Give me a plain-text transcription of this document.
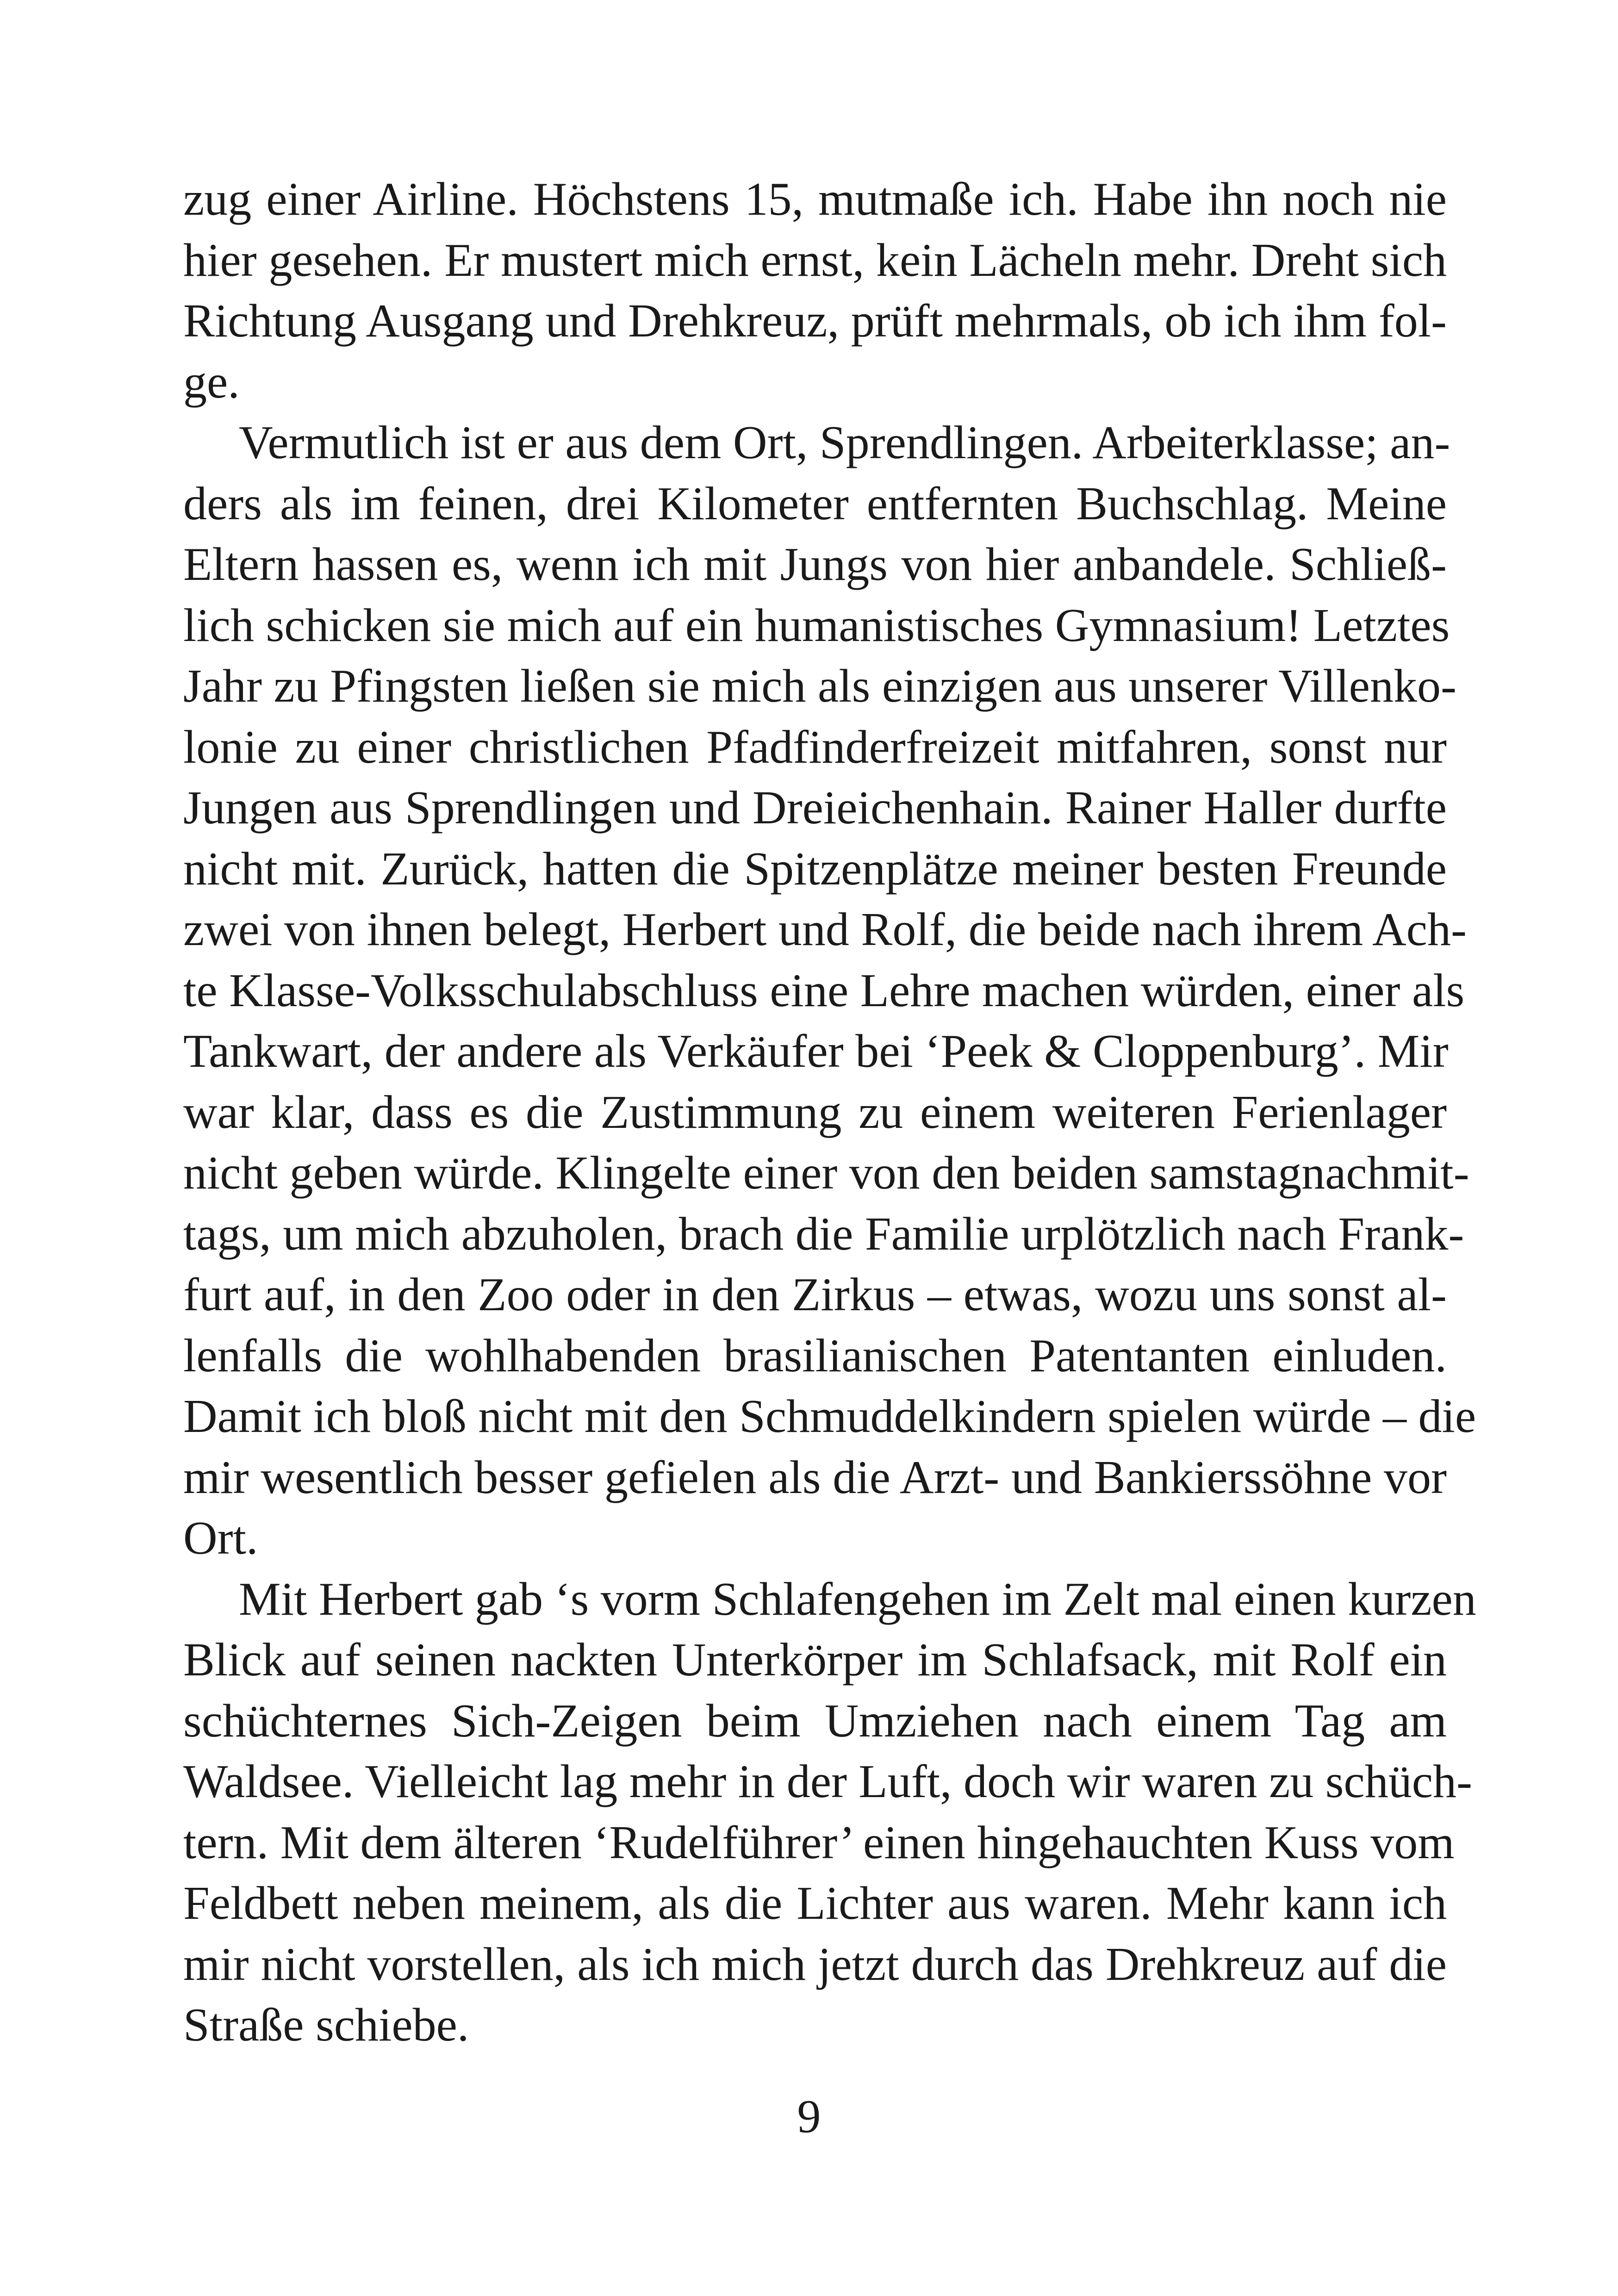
zug einer Airline. Höchstens 15, mutmaße ich. Habe ihn noch nie
hier gesehen. Er mustert mich ernst, kein Lächeln mehr. Dreht sich
Richtung Ausgang und Drehkreuz, prüft mehrmals, ob ich ihm fol-
ge.
Vermutlich ist er aus dem Ort, Sprendlingen. Arbeiterklasse; an-
ders als im feinen, drei Kilometer entfernten Buchschlag. Meine
Eltern hassen es, wenn ich mit Jungs von hier anbandele. Schließ-
lich schicken sie mich auf ein humanistisches Gymnasium! Letztes
Jahr zu Pfingsten ließen sie mich als einzigen aus unserer Villenko-
lonie zu einer christlichen Pfadfinderfreizeit mitfahren, sonst nur
Jungen aus Sprendlingen und Dreieichenhain. Rainer Haller durfte
nicht mit. Zurück, hatten die Spitzenplätze meiner besten Freunde
zwei von ihnen belegt, Herbert und Rolf, die beide nach ihrem Ach-
te Klasse-Volksschulabschluss eine Lehre machen würden, einer als
Tankwart, der andere als Verkäufer bei ‘Peek & Cloppenburg’. Mir
war klar, dass es die Zustimmung zu einem weiteren Ferienlager
nicht geben würde. Klingelte einer von den beiden samstagnachmit-
tags, um mich abzuholen, brach die Familie urplötzlich nach Frank-
furt auf, in den Zoo oder in den Zirkus – etwas, wozu uns sonst al-
lenfalls die wohlhabenden brasilianischen Patentanten einluden.
Damit ich bloß nicht mit den Schmuddelkindern spielen würde – die
mir wesentlich besser gefielen als die Arzt- und Bankierssöhne vor
Ort.
Mit Herbert gab ‘s vorm Schlafengehen im Zelt mal einen kurzen
Blick auf seinen nackten Unterkörper im Schlafsack, mit Rolf ein
schüchternes Sich-Zeigen beim Umziehen nach einem Tag am
Waldsee. Vielleicht lag mehr in der Luft, doch wir waren zu schüch-
tern. Mit dem älteren ‘Rudelführer’ einen hingehauchten Kuss vom
Feldbett neben meinem, als die Lichter aus waren. Mehr kann ich
mir nicht vorstellen, als ich mich jetzt durch das Drehkreuz auf die
Straße schiebe.
9
